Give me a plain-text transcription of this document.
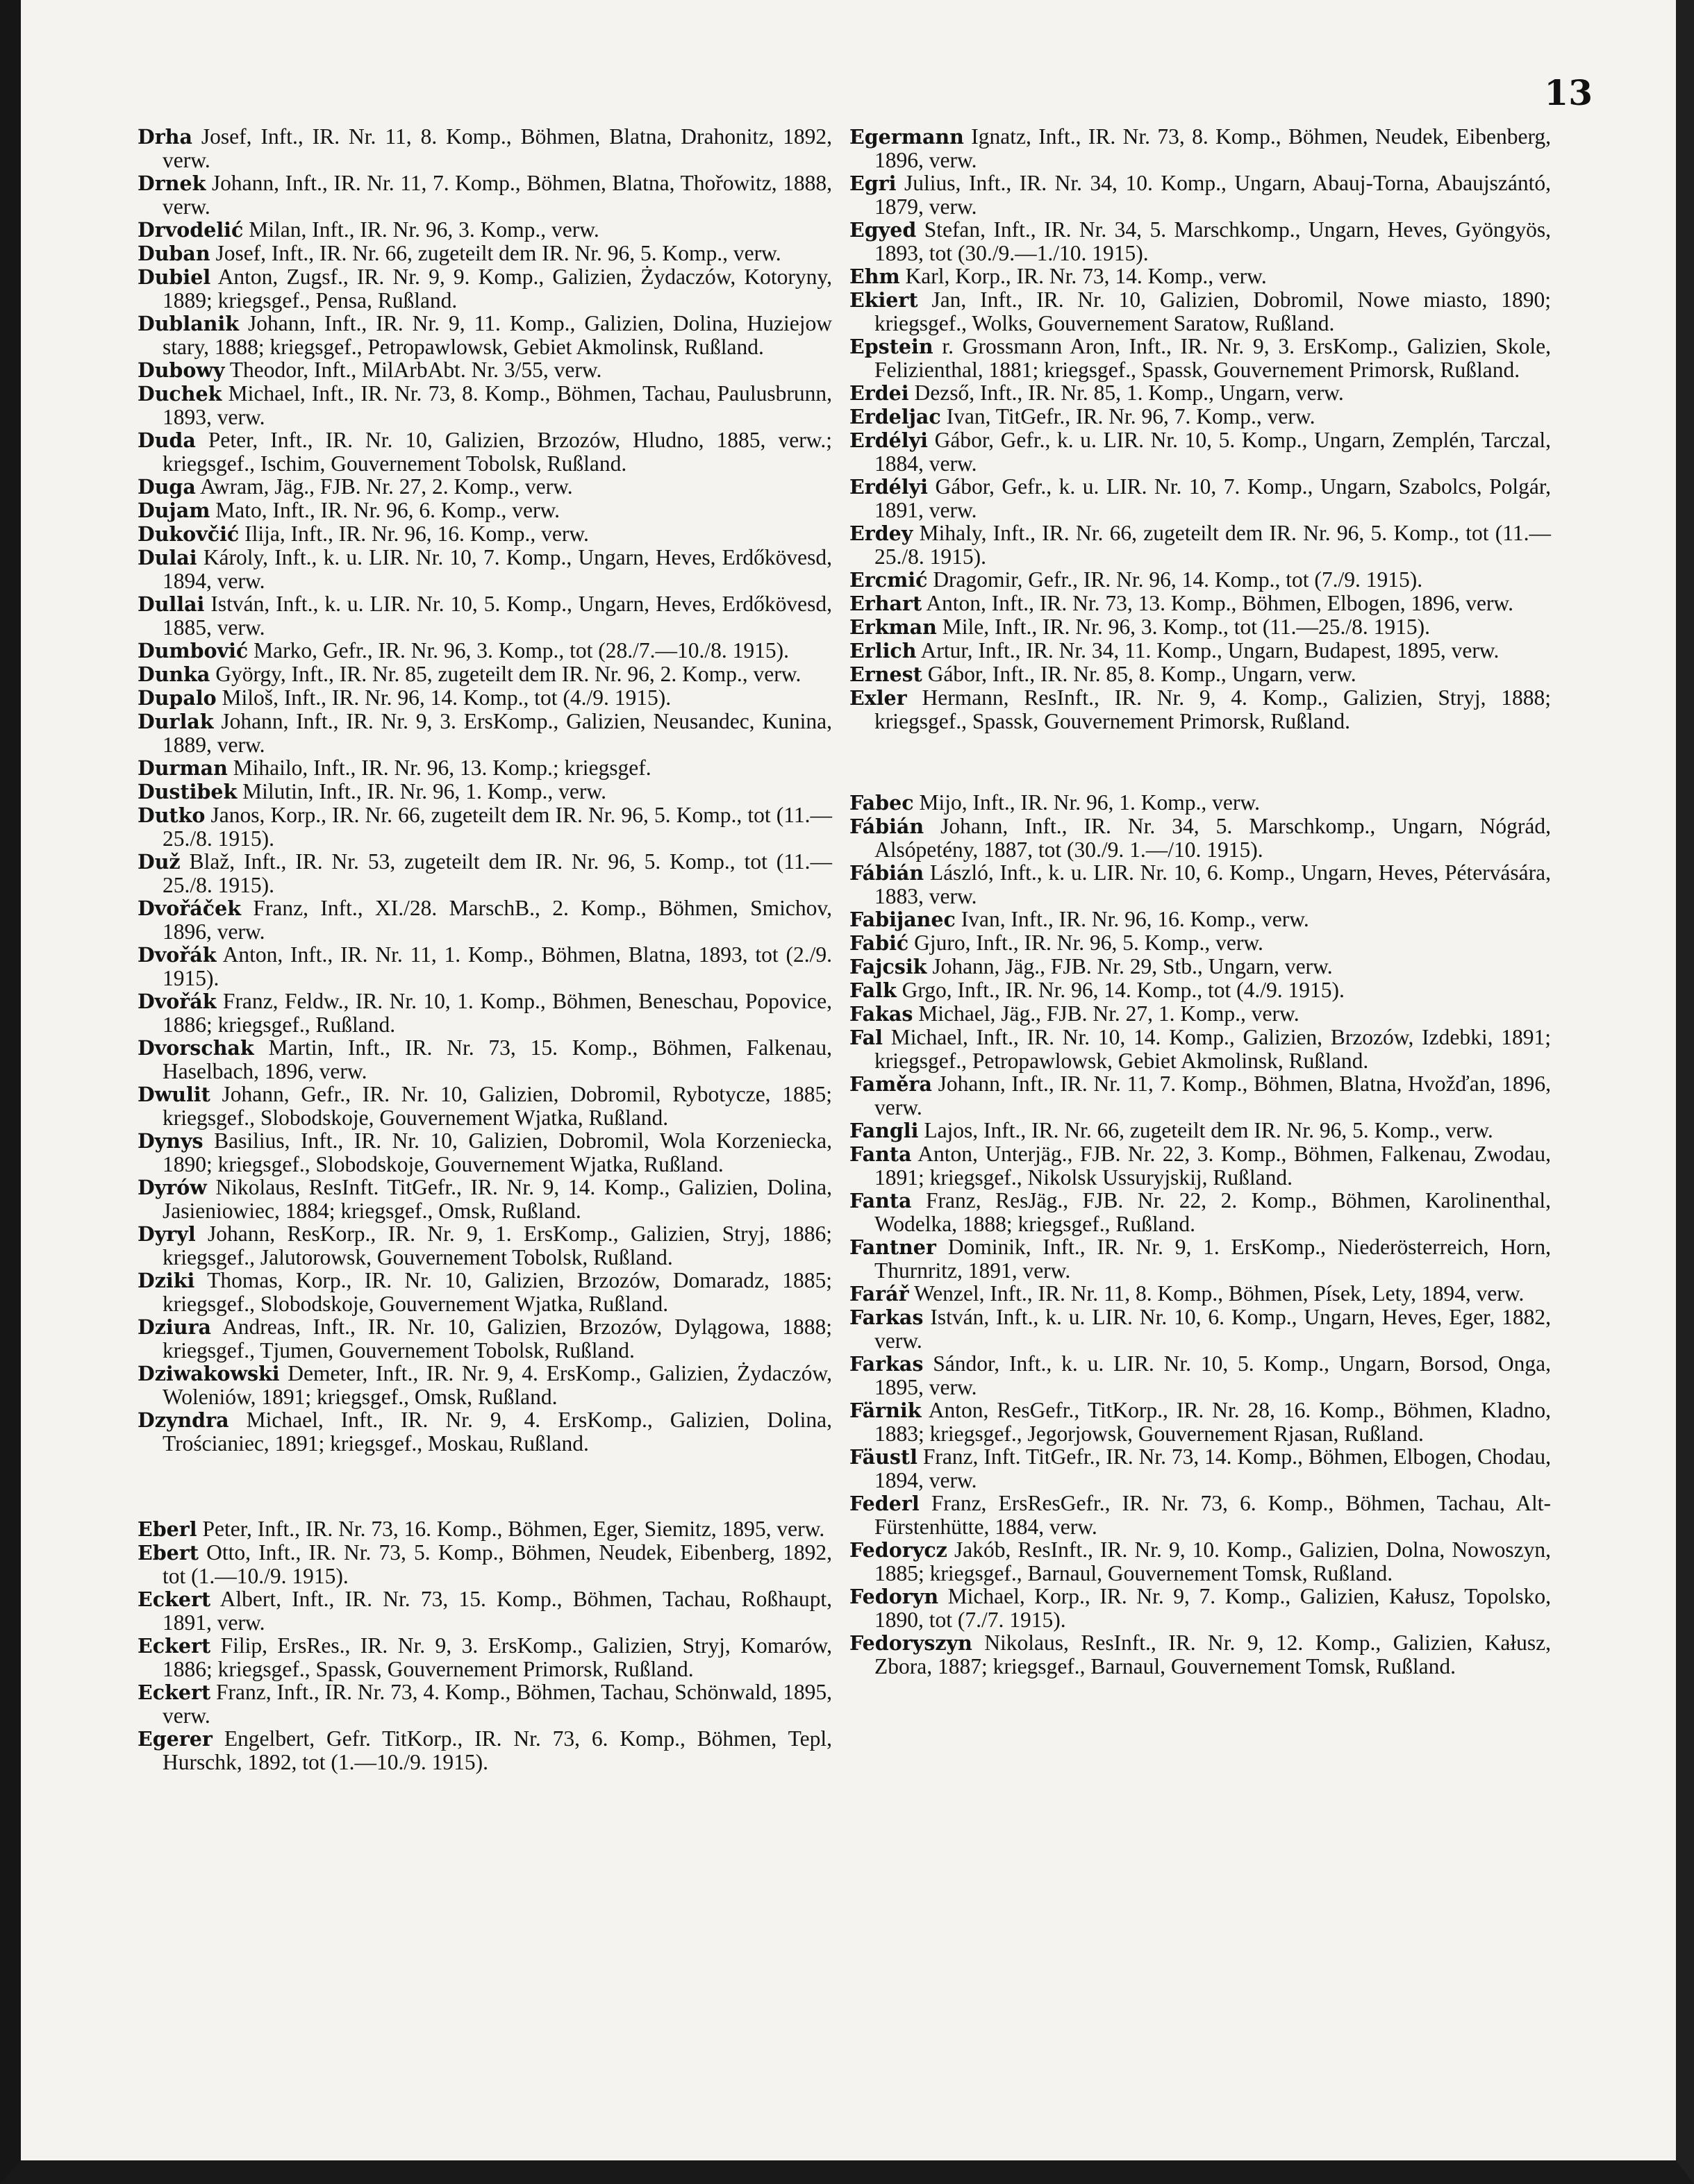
13

Drha Josef, Inft., IR. Nr. 11, 8. Komp., Böhmen, Blatna, Drahonitz, 1892, verw.

Drnek Johann, Inft., IR. Nr. 11, 7. Komp., Böhmen, Blatna, Thořowitz, 1888, verw.

Drvodelić Milan, Inft., IR. Nr. 96, 3. Komp., verw.

Duban Josef, Inft., IR. Nr. 66, zugeteilt dem IR. Nr. 96, 5. Komp., verw.

Dubiel Anton, Zugsf., IR. Nr. 9, 9. Komp., Galizien, Żydaczów, Kotoryny, 1889; kriegsgef., Pensa, Rußland.

Dublanik Johann, Inft., IR. Nr. 9, 11. Komp., Galizien, Dolina, Huziejow stary, 1888; kriegsgef., Petropawlowsk, Gebiet Akmolinsk, Rußland.

Dubowy Theodor, Inft., MilArbAbt. Nr. 3/55, verw.

Duchek Michael, Inft., IR. Nr. 73, 8. Komp., Böhmen, Tachau, Paulusbrunn, 1893, verw.

Duda Peter, Inft., IR. Nr. 10, Galizien, Brzozów, Hludno, 1885, verw.; kriegsgef., Ischim, Gouvernement Tobolsk, Rußland.

Duga Awram, Jäg., FJB. Nr. 27, 2. Komp., verw.

Dujam Mato, Inft., IR. Nr. 96, 6. Komp., verw.

Dukovčić Ilija, Inft., IR. Nr. 96, 16. Komp., verw.

Dulai Károly, Inft., k. u. LIR. Nr. 10, 7. Komp., Ungarn, Heves, Erdőkövesd, 1894, verw.

Dullai István, Inft., k. u. LIR. Nr. 10, 5. Komp., Ungarn, Heves, Erdőkövesd, 1885, verw.

Dumbović Marko, Gefr., IR. Nr. 96, 3. Komp., tot (28./7.—10./8. 1915).

Dunka György, Inft., IR. Nr. 85, zugeteilt dem IR. Nr. 96, 2. Komp., verw.

Dupalo Miloš, Inft., IR. Nr. 96, 14. Komp., tot (4./9. 1915).

Durlak Johann, Inft., IR. Nr. 9, 3. ErsKomp., Galizien, Neusandec, Kunina, 1889, verw.

Durman Mihailo, Inft., IR. Nr. 96, 13. Komp.; kriegsgef.

Dustibek Milutin, Inft., IR. Nr. 96, 1. Komp., verw.

Dutko Janos, Korp., IR. Nr. 66, zugeteilt dem IR. Nr. 96, 5. Komp., tot (11.—25./8. 1915).

Duž Blaž, Inft., IR. Nr. 53, zugeteilt dem IR. Nr. 96, 5. Komp., tot (11.—25./8. 1915).

Dvořáček Franz, Inft., XI./28. MarschB., 2. Komp., Böhmen, Smichov, 1896, verw.

Dvořák Anton, Inft., IR. Nr. 11, 1. Komp., Böhmen, Blatna, 1893, tot (2./9. 1915).

Dvořák Franz, Feldw., IR. Nr. 10, 1. Komp., Böhmen, Beneschau, Popovice, 1886; kriegsgef., Rußland.

Dvorschak Martin, Inft., IR. Nr. 73, 15. Komp., Böhmen, Falkenau, Haselbach, 1896, verw.

Dwulit Johann, Gefr., IR. Nr. 10, Galizien, Dobromil, Rybotycze, 1885; kriegsgef., Slobodskoje, Gouvernement Wjatka, Rußland.

Dynys Basilius, Inft., IR. Nr. 10, Galizien, Dobromil, Wola Korzeniecka, 1890; kriegsgef., Slobodskoje, Gouvernement Wjatka, Rußland.

Dyrów Nikolaus, ResInft. TitGefr., IR. Nr. 9, 14. Komp., Galizien, Dolina, Jasieniowiec, 1884; kriegsgef., Omsk, Rußland.

Dyryl Johann, ResKorp., IR. Nr. 9, 1. ErsKomp., Galizien, Stryj, 1886; kriegsgef., Jalutorowsk, Gouvernement Tobolsk, Rußland.

Dziki Thomas, Korp., IR. Nr. 10, Galizien, Brzozów, Domaradz, 1885; kriegsgef., Slobodskoje, Gouvernement Wjatka, Rußland.

Dziura Andreas, Inft., IR. Nr. 10, Galizien, Brzozów, Dylągowa, 1888; kriegsgef., Tjumen, Gouvernement Tobolsk, Rußland.

Dziwakowski Demeter, Inft., IR. Nr. 9, 4. ErsKomp., Galizien, Żydaczów, Woleniów, 1891; kriegsgef., Omsk, Rußland.

Dzyndra Michael, Inft., IR. Nr. 9, 4. ErsKomp., Galizien, Dolina, Trościaniec, 1891; kriegsgef., Moskau, Rußland.

Eberl Peter, Inft., IR. Nr. 73, 16. Komp., Böhmen, Eger, Siemitz, 1895, verw.

Ebert Otto, Inft., IR. Nr. 73, 5. Komp., Böhmen, Neudek, Eibenberg, 1892, tot (1.—10./9. 1915).

Eckert Albert, Inft., IR. Nr. 73, 15. Komp., Böhmen, Tachau, Roßhaupt, 1891, verw.

Eckert Filip, ErsRes., IR. Nr. 9, 3. ErsKomp., Galizien, Stryj, Komarów, 1886; kriegsgef., Spassk, Gouvernement Primorsk, Rußland.

Eckert Franz, Inft., IR. Nr. 73, 4. Komp., Böhmen, Tachau, Schönwald, 1895, verw.

Egerer Engelbert, Gefr. TitKorp., IR. Nr. 73, 6. Komp., Böhmen, Tepl, Hurschk, 1892, tot (1.—10./9. 1915).

Egermann Ignatz, Inft., IR. Nr. 73, 8. Komp., Böhmen, Neudek, Eibenberg, 1896, verw.

Egri Julius, Inft., IR. Nr. 34, 10. Komp., Ungarn, Abauj-Torna, Abaujszántó, 1879, verw.

Egyed Stefan, Inft., IR. Nr. 34, 5. Marschkomp., Ungarn, Heves, Gyöngyös, 1893, tot (30./9.—1./10. 1915).

Ehm Karl, Korp., IR. Nr. 73, 14. Komp., verw.

Ekiert Jan, Inft., IR. Nr. 10, Galizien, Dobromil, Nowe miasto, 1890; kriegsgef., Wolks, Gouvernement Saratow, Rußland.

Epstein r. Grossmann Aron, Inft., IR. Nr. 9, 3. ErsKomp., Galizien, Skole, Felizienthal, 1881; kriegsgef., Spassk, Gouvernement Primorsk, Rußland.

Erdei Dezső, Inft., IR. Nr. 85, 1. Komp., Ungarn, verw.

Erdeljac Ivan, TitGefr., IR. Nr. 96, 7. Komp., verw.

Erdélyi Gábor, Gefr., k. u. LIR. Nr. 10, 5. Komp., Ungarn, Zemplén, Tarczal, 1884, verw.

Erdélyi Gábor, Gefr., k. u. LIR. Nr. 10, 7. Komp., Ungarn, Szabolcs, Polgár, 1891, verw.

Erdey Mihaly, Inft., IR. Nr. 66, zugeteilt dem IR. Nr. 96, 5. Komp., tot (11.—25./8. 1915).

Ercmić Dragomir, Gefr., IR. Nr. 96, 14. Komp., tot (7./9. 1915).

Erhart Anton, Inft., IR. Nr. 73, 13. Komp., Böhmen, Elbogen, 1896, verw.

Erkman Mile, Inft., IR. Nr. 96, 3. Komp., tot (11.—25./8. 1915).

Erlich Artur, Inft., IR. Nr. 34, 11. Komp., Ungarn, Budapest, 1895, verw.

Ernest Gábor, Inft., IR. Nr. 85, 8. Komp., Ungarn, verw.

Exler Hermann, ResInft., IR. Nr. 9, 4. Komp., Galizien, Stryj, 1888; kriegsgef., Spassk, Gouvernement Primorsk, Rußland.

Fabec Mijo, Inft., IR. Nr. 96, 1. Komp., verw.

Fábián Johann, Inft., IR. Nr. 34, 5. Marschkomp., Ungarn, Nógrád, Alsópetény, 1887, tot (30./9. 1.—/10. 1915).

Fábián László, Inft., k. u. LIR. Nr. 10, 6. Komp., Ungarn, Heves, Pétervására, 1883, verw.

Fabijanec Ivan, Inft., IR. Nr. 96, 16. Komp., verw.

Fabić Gjuro, Inft., IR. Nr. 96, 5. Komp., verw.

Fajcsik Johann, Jäg., FJB. Nr. 29, Stb., Ungarn, verw.

Falk Grgo, Inft., IR. Nr. 96, 14. Komp., tot (4./9. 1915).

Fakas Michael, Jäg., FJB. Nr. 27, 1. Komp., verw.

Fal Michael, Inft., IR. Nr. 10, 14. Komp., Galizien, Brzozów, Izdebki, 1891; kriegsgef., Petropawlowsk, Gebiet Akmolinsk, Rußland.

Faměra Johann, Inft., IR. Nr. 11, 7. Komp., Böhmen, Blatna, Hvožďan, 1896, verw.

Fangli Lajos, Inft., IR. Nr. 66, zugeteilt dem IR. Nr. 96, 5. Komp., verw.

Fanta Anton, Unterjäg., FJB. Nr. 22, 3. Komp., Böhmen, Falkenau, Zwodau, 1891; kriegsgef., Nikolsk Ussuryjskij, Rußland.

Fanta Franz, ResJäg., FJB. Nr. 22, 2. Komp., Böhmen, Karolinenthal, Wodelka, 1888; kriegsgef., Rußland.

Fantner Dominik, Inft., IR. Nr. 9, 1. ErsKomp., Niederösterreich, Horn, Thurnritz, 1891, verw.

Farář Wenzel, Inft., IR. Nr. 11, 8. Komp., Böhmen, Písek, Lety, 1894, verw.

Farkas István, Inft., k. u. LIR. Nr. 10, 6. Komp., Ungarn, Heves, Eger, 1882, verw.

Farkas Sándor, Inft., k. u. LIR. Nr. 10, 5. Komp., Ungarn, Borsod, Onga, 1895, verw.

Färnik Anton, ResGefr., TitKorp., IR. Nr. 28, 16. Komp., Böhmen, Kladno, 1883; kriegsgef., Jegorjowsk, Gouvernement Rjasan, Rußland.

Fäustl Franz, Inft. TitGefr., IR. Nr. 73, 14. Komp., Böhmen, Elbogen, Chodau, 1894, verw.

Federl Franz, ErsResGefr., IR. Nr. 73, 6. Komp., Böhmen, Tachau, Alt-Fürstenhütte, 1884, verw.

Fedorycz Jakób, ResInft., IR. Nr. 9, 10. Komp., Galizien, Dolna, Nowoszyn, 1885; kriegsgef., Barnaul, Gouvernement Tomsk, Rußland.

Fedoryn Michael, Korp., IR. Nr. 9, 7. Komp., Galizien, Kałusz, Topolsko, 1890, tot (7./7. 1915).

Fedoryszyn Nikolaus, ResInft., IR. Nr. 9, 12. Komp., Galizien, Kałusz, Zbora, 1887; kriegsgef., Barnaul, Gouvernement Tomsk, Rußland.
